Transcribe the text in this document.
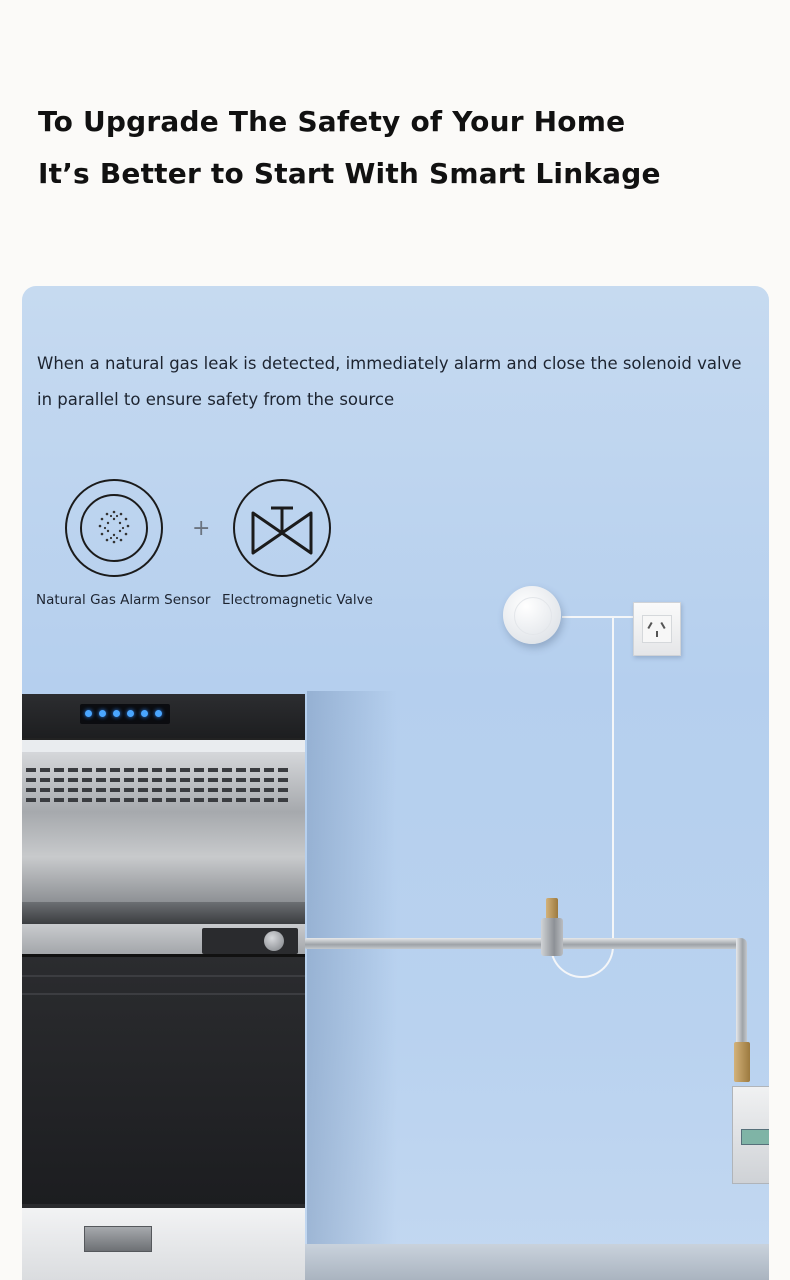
To Upgrade The Safety of Your Home
It’s Better to Start With Smart Linkage
When a natural gas leak is detected, immediately alarm and close the solenoid valve
in parallel to ensure safety from the source
Natural Gas Alarm Sensor
+
Electromagnetic Valve
